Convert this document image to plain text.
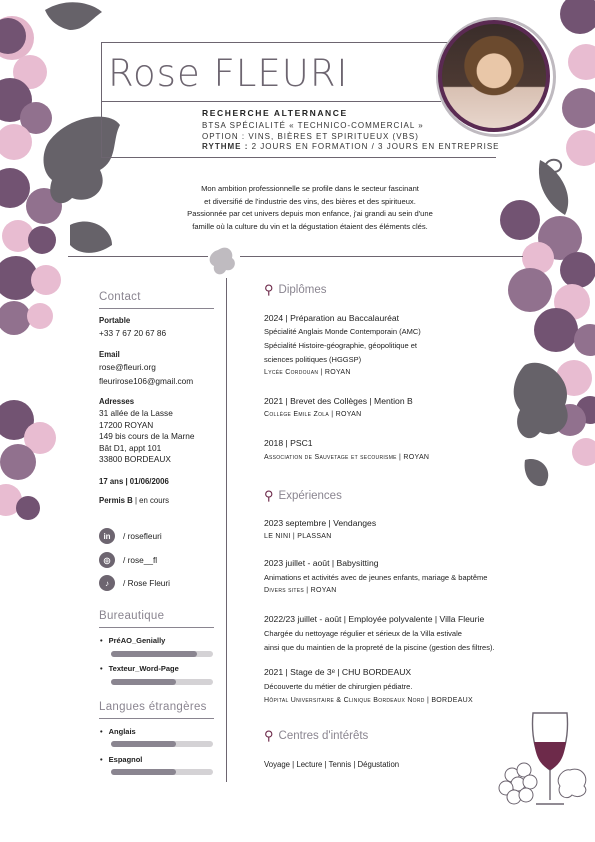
Rose FLEURI
RECHERCHE ALTERNANCE
BTSA SPÉCIALITÉ « TECHNICO-COMMERCIAL »
OPTION : VINS, BIÈRES ET SPIRITUEUX (VBS)
RYTHME : 2 JOURS EN FORMATION / 3 JOURS EN ENTREPRISE
Mon ambition professionnelle se profile dans le secteur fascinant
et diversifié de l'industrie des vins, des bières et des spiritueux.
Passionnée par cet univers depuis mon enfance, j'ai grandi au sein d'une
famille où la culture du vin et la dégustation étaient des éléments clés.
Contact
Portable
+33 7 67 20 67 86
Email
rose@fleuri.org
fleurirose106@gmail.com
Adresses
31 allée de la Lasse
17200 ROYAN
149 bis cours de la Marne
Bât D1, appt 101
33800 BORDEAUX
17 ans | 01/06/2006
Permis B | en cours
in	/ rosefleuri
◎	/ rose__fl
♪	/ Rose Fleuri
Bureautique
• PréAO_Genially
• Texteur_Word-Page
Langues étrangères
• Anglais
• Espagnol
⚲ Diplômes
2024 | Préparation au Baccalauréat
Spécialité Anglais Monde Contemporain (AMC)
Spécialité Histoire-géographie, géopolitique et
sciences politiques (HGGSP)
Lycée Cordouan | ROYAN
2021 | Brevet des Collèges | Mention B
Collège Emile Zola | ROYAN
2018 | PSC1
Association de Sauvetage et secourisme | ROYAN
⚲ Expériences
2023 septembre | Vendanges
LE NINI | PLASSAN
2023 juillet - août | Babysitting
Animations et activités avec de jeunes enfants, mariage & baptême
Divers sites | ROYAN
2022/23 juillet - août | Employée polyvalente | Villa Fleurie
Chargée du nettoyage régulier et sérieux de la Villa estivale
ainsi que du maintien de la propreté de la piscine (gestion des filtres).
2021 | Stage de 3ᵉ | CHU BORDEAUX
Découverte du métier de chirurgien pédiatre.
Hôpital Universitaire & Clinique Bordeaux Nord | BORDEAUX
⚲ Centres d'intérêts
Voyage | Lecture | Tennis | Dégustation
